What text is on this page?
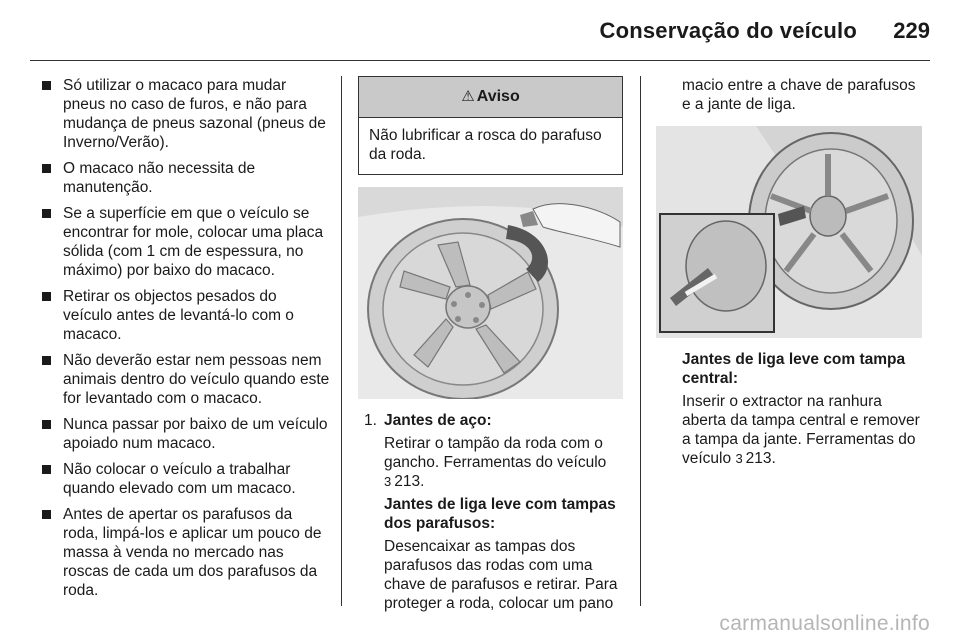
Conservação do veículo 229
Só utilizar o macaco para mudar pneus no caso de furos, e não para mudança de pneus sazonal (pneus de Inverno/Verão).
O macaco não necessita de manutenção.
Se a superfície em que o veículo se encontrar for mole, colocar uma placa sólida (com 1 cm de espessura, no máximo) por baixo do macaco.
Retirar os objectos pesados do veículo antes de levantá-lo com o macaco.
Não deverão estar nem pessoas nem animais dentro do veículo quando este for levantado com o macaco.
Nunca passar por baixo de um veículo apoiado num macaco.
Não colocar o veículo a trabalhar quando elevado com um macaco.
Antes de apertar os parafusos da roda, limpá-los e aplicar um pouco de massa à venda no mercado nas roscas de cada um dos parafusos da roda.
⚠ Aviso
Não lubrificar a rosca do parafuso da roda.
1. Jantes de aço:

Retirar o tampão da roda com o gancho. Ferramentas do veículo
3 213.

Jantes de liga leve com tampas dos parafusos:

Desencaixar as tampas dos parafusos das rodas com uma chave de parafusos e retirar. Para proteger a roda, colocar um pano

macio entre a chave de parafusos e a jante de liga.

Jantes de liga leve com tampa central:

Inserir o extractor na ranhura aberta da tampa central e remover a tampa da jante. Ferramentas do veículo 3 213.

carmanualsonline.info
